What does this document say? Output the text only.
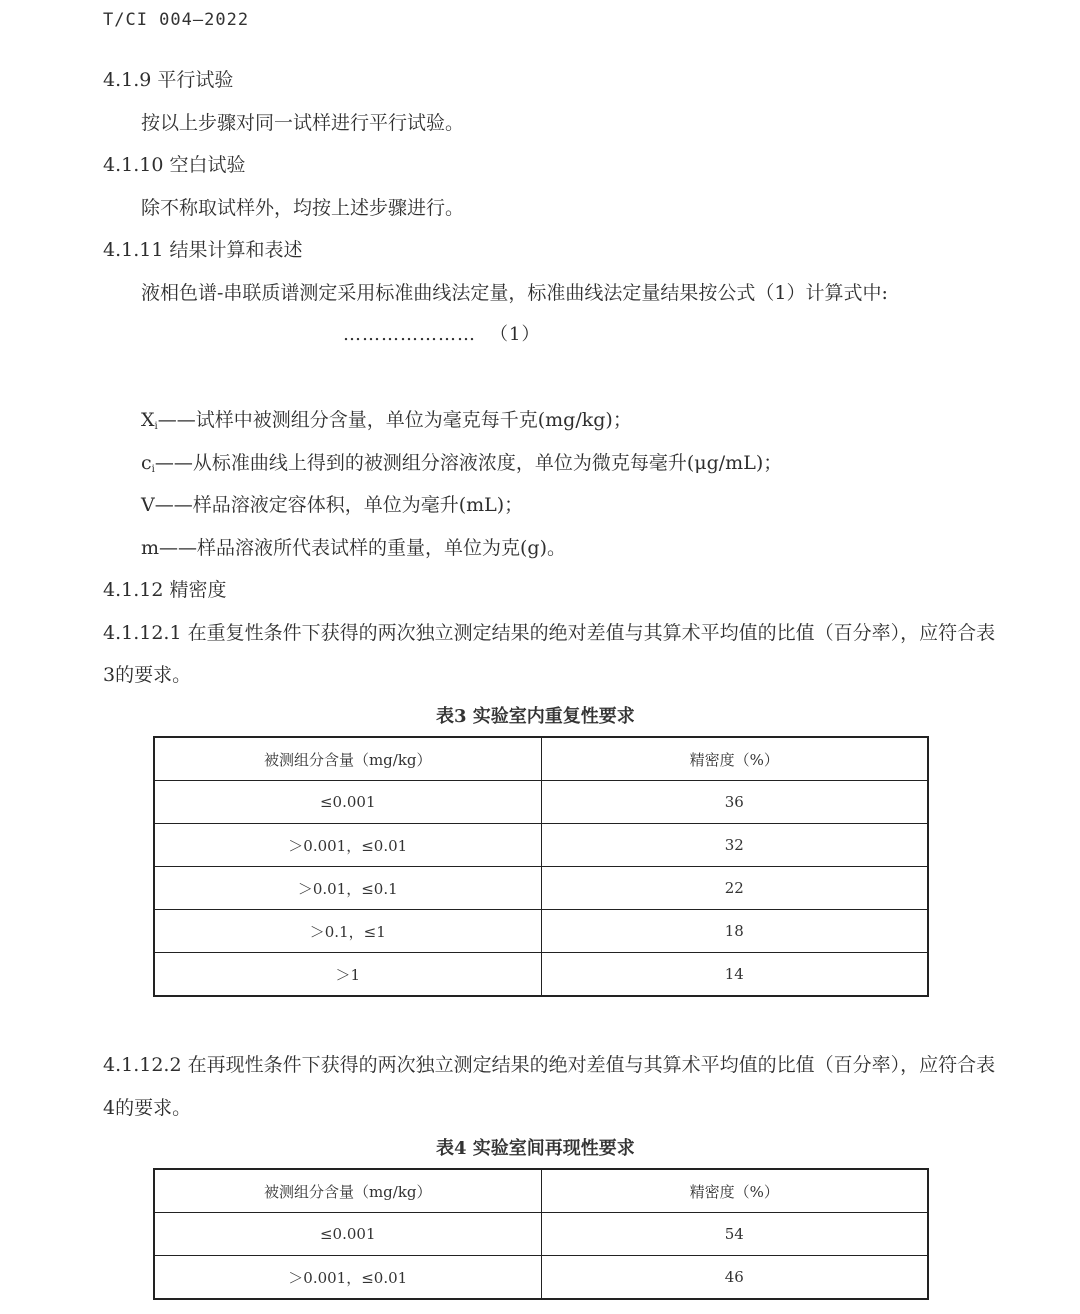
T/CI 004—2022
4.1.9 平行试验
按以上步骤对同一试样进行平行试验。
4.1.10 空白试验
除不称取试样外，均按上述步骤进行。
4.1.11 结果计算和表述
液相色谱-串联质谱测定采用标准曲线法定量，标准曲线法定量结果按公式（1）计算式中:
………………… （1）
$X_i——$试样中被测组分含量，单位为毫克每千克(mg/kg)；
$c_i——$从标准曲线上得到的被测组分溶液浓度，单位为微克每毫升(μg/mL)；
V——样品溶液定容体积，单位为毫升(mL)；
m——样品溶液所代表试样的重量，单位为克(g)。
4.1.12 精密度
4.1.12.1 在重复性条件下获得的两次独立测定结果的绝对差值与其算术平均值的比值（百分率），应符合表
3的要求。
表3 实验室内重复性要求
被测组分含量（mg/kg）	精密度（%）
≤0.001	36
＞0.001，≤0.01	32
＞0.01，≤0.1	22
＞0.1，≤1	18
＞1	14
4.1.12.2 在再现性条件下获得的两次独立测定结果的绝对差值与其算术平均值的比值（百分率），应符合表
4的要求。
表4 实验室间再现性要求
被测组分含量（mg/kg）	精密度（%）
≤0.001	54
＞0.001，≤0.01	46
